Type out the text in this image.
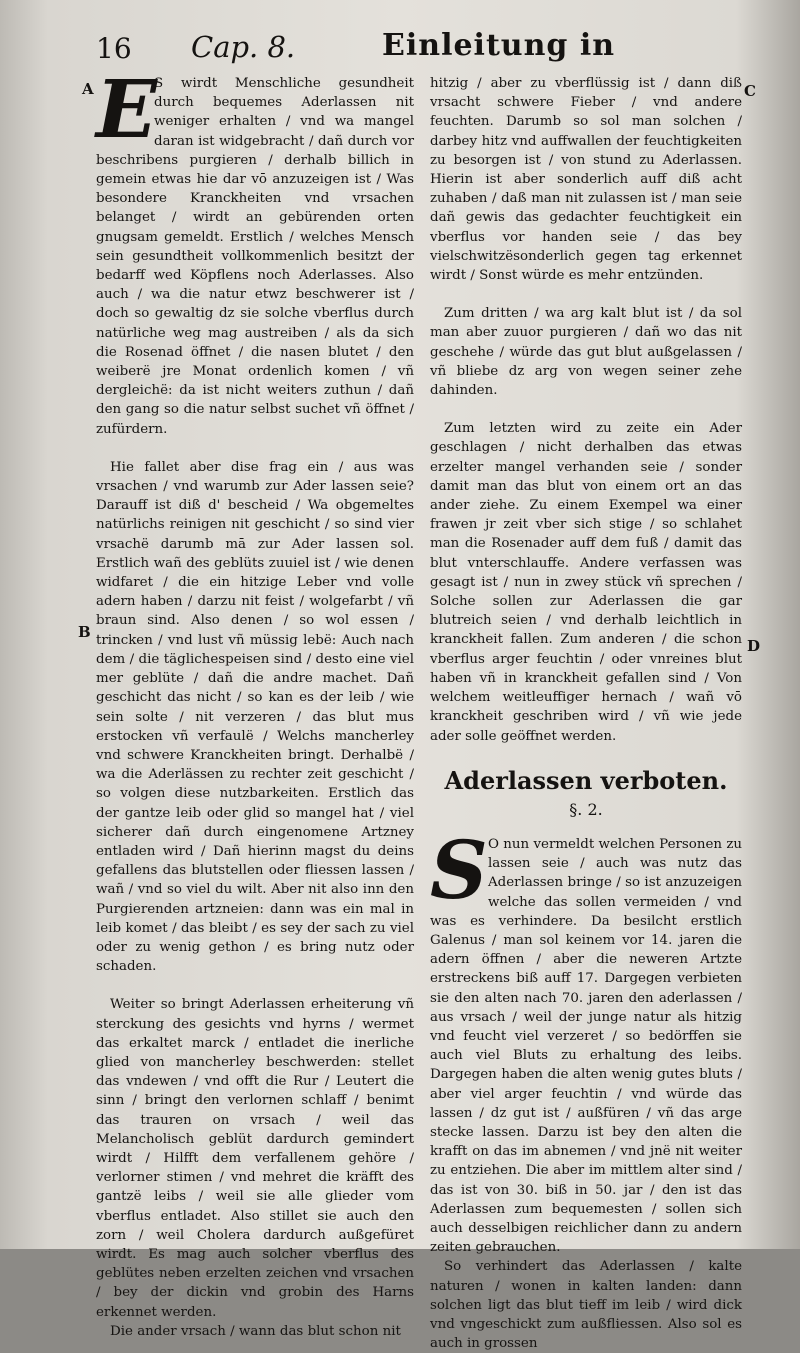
16 Cap. 8.	Einleitung in
A
B
C
D

E
S wirdt Menschliche gesundheit durch bequemes Aderlassen nit weniger erhalten / vnd wa mangel daran ist widgebracht / dañ durch vor beschribens purgieren / derhalb billich in gemein etwas hie dar vō anzuzeigen ist / Was besondere Kranckheiten vnd vrsachen belanget / wirdt an gebürenden orten gnugsam gemeldt. Erstlich / welches Mensch sein gesundtheit vollkommenlich besitzt der bedarff wed Köpflens noch Aderlasses. Also auch / wa die natur etwz beschwerer ist / doch so gewaltig dz sie solche vberflus durch natürliche weg mag austreiben / als da sich die Rosenad öffnet / die nasen blutet / den weiberë jre Monat ordenlich komen / vñ dergleichë: da ist nicht weiters zuthun / dañ den gang so die natur selbst suchet vñ öffnet / zufürdern.

Hie fallet aber dise frag ein / aus was vrsachen / vnd warumb zur Ader lassen seie? Darauff ist diß d' bescheid / Wa obgemeltes natürlichs reinigen nit geschicht / so sind vier vrsachë darumb mā zur Ader lassen sol. Erstlich wañ des geblüts zuuiel ist / wie denen widfaret / die ein hitzige Leber vnd volle adern haben / darzu nit feist / wolgefarbt / vñ braun sind. Also denen / so wol essen / trincken / vnd lust vñ müssig lebë: Auch nach dem / die täglichespeisen sind / desto eine viel mer geblüte / dañ die andre machet. Dañ geschicht das nicht / so kan es der leib / wie sein solte / nit verzeren / das blut mus erstocken vñ verfaulë / Welchs mancherley vnd schwere Kranckheiten bringt. Derhalbë / wa die Aderlässen zu rechter zeit geschicht / so volgen diese nutzbarkeiten. Erstlich das der gantze leib oder glid so mangel hat / viel sicherer dañ durch eingenomene Artzney entladen wird / Dañ hierinn magst du deins gefallens das blutstellen oder fliessen lassen / wañ / vnd so viel du wilt. Aber nit also inn den Purgierenden artzneien: dann was ein mal in leib komet / das bleibt / es sey der sach zu viel oder zu wenig gethon / es bring nutz oder schaden.

Weiter so bringt Aderlassen erheiterung vñ sterckung des gesichts vnd hyrns / wermet das erkaltet marck / entladet die inerliche glied von mancherley beschwerden: stellet das vndewen / vnd offt die Rur / Leutert die sinn / bringt den verlornen schlaff / benimt das trauren on vrsach / weil das Melancholisch geblüt dardurch gemindert wirdt / Hilfft dem verfallenem gehöre / verlorner stimen / vnd mehret die kräfft des gantzë leibs / weil sie alle glieder vom vberflus entladet. Also stillet sie auch den zorn / weil Cholera dardurch außgefüret wirdt. Es mag auch solcher vberflus des geblütes neben erzelten zeichen vnd vrsachen / bey der dickin vnd grobin des Harns erkennet werden.

Die ander vrsach / wann das blut schon nit

hitzig / aber zu vberflüssig ist / dann diß vrsacht schwere Fieber / vnd andere feuchten. Darumb so sol man solchen / darbey hitz vnd auffwallen der feuchtigkeiten zu besorgen ist / von stund zu Aderlassen. Hierin ist aber sonderlich auff diß acht zuhaben / daß man nit zulassen ist / man seie dañ gewis das gedachter feuchtigkeit ein vberflus vor handen seie / das bey vielschwitzësonderlich gegen tag erkennet wirdt / Sonst würde es mehr entzünden.

Zum dritten / wa arg kalt blut ist / da sol man aber zuuor purgieren / dañ wo das nit geschehe / würde das gut blut außgelassen / vñ bliebe dz arg von wegen seiner zehe dahinden.

Zum letzten wird zu zeite ein Ader geschlagen / nicht derhalben das etwas erzelter mangel verhanden seie / sonder damit man das blut von einem ort an das ander ziehe. Zu einem Exempel wa einer frawen jr zeit vber sich stige / so schlahet man die Rosenader auff dem fuß / damit das blut vnterschlauffe. Andere verfassen was gesagt ist / nun in zwey stück vñ sprechen / Solche sollen zur Aderlassen die gar blutreich seien / vnd derhalb leichtlich in kranckheit fallen. Zum anderen / die schon vberflus arger feuchtin / oder vnreines blut haben vñ in kranckheit gefallen sind / Von welchem weitleuffiger hernach / wañ vō kranckheit geschriben wird / vñ wie jede ader solle geöffnet werden.

Aderlassen verboten.
§. 2.

S O nun vermeldt welchen Personen zu lassen seie / auch was nutz das Aderlassen bringe / so ist anzuzeigen welche das sollen vermeiden / vnd was es verhindere. Da besilcht erstlich Galenus / man sol keinem vor 14. jaren die adern öffnen / aber die neweren Artzte erstreckens biß auff 17. Dargegen verbieten sie den alten nach 70. jaren den aderlassen / aus vrsach / weil der junge natur als hitzig vnd feucht viel verzeret / so bedörffen sie auch viel Bluts zu erhaltung des leibs. Dargegen haben die alten wenig gutes bluts / aber viel arger feuchtin / vnd würde das lassen / dz gut ist / außfüren / vñ das arge stecke lassen. Darzu ist bey den alten die krafft on das im abnemen / vnd jnë nit weiter zu entziehen. Die aber im mittlem alter sind / das ist von 30. biß in 50. jar / den ist das Aderlassen zum bequemesten / sollen sich auch desselbigen reichlicher dann zu andern zeiten gebrauchen.

So verhindert das Aderlassen / kalte naturen / wonen in kalten landen: dann solchen ligt das blut tieff im leib / wird dick vnd vngeschickt zum außfliessen. Also sol es auch in grossen
